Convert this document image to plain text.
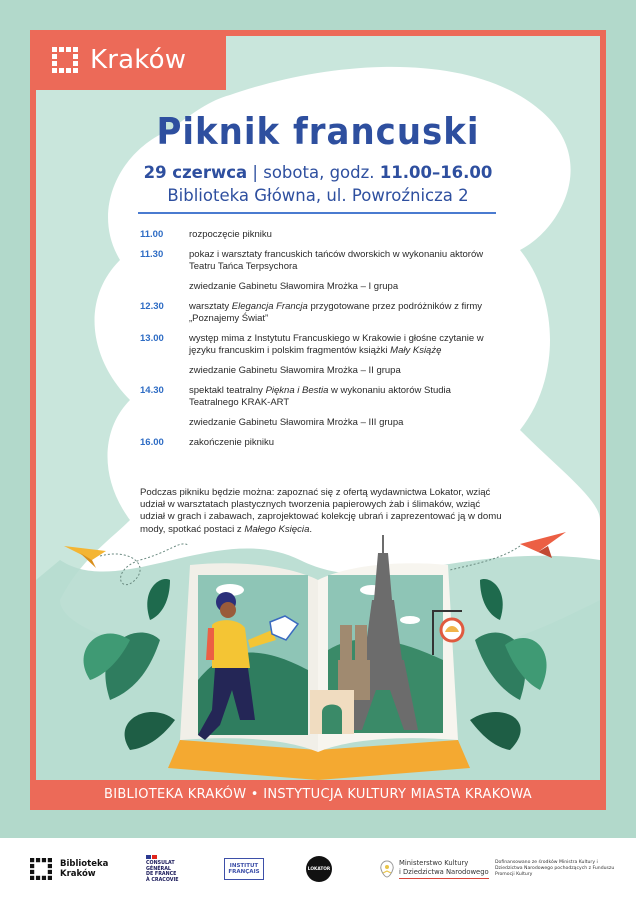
Kraków
Piknik francuski
29 czerwca | sobota, godz. 11.00–16.00
Biblioteka Główna, ul. Powroźnicza 2
11.00	rozpoczęcie pikniku
11.30	pokaz i warsztaty francuskich tańców dworskich w wykonaniu aktorów Teatru Tańca Terpsychora
zwiedzanie Gabinetu Sławomira Mrożka – I grupa
12.30	warsztaty Elegancja Francja przygotowane przez podróżników z firmy „Poznajemy Świat”
13.00	występ mima z Instytutu Francuskiego w Krakowie i głośne czytanie w języku francuskim i polskim fragmentów książki Mały Książę
zwiedzanie Gabinetu Sławomira Mrożka – II grupa
14.30	spektakl teatralny Piękna i Bestia w wykonaniu aktorów Studia Teatralnego KRAK-ART
zwiedzanie Gabinetu Sławomira Mrożka – III grupa
16.00	zakończenie pikniku
Podczas pikniku będzie można: zapoznać się z ofertą wydawnictwa Lokator, wziąć udział w warsztatach plastycznych tworzenia papierowych żab i ślimaków, wziąć udział w grach i zabawach, zaprojektować kolekcję ubrań i zaprezentować ją w domu mody, spotkać postaci z Małego Księcia.
BIBLIOTEKA KRAKÓW • INSTYTUCJA KULTURY MIASTA KRAKOWA
Biblioteka
Kraków
CONSULAT
GÉNÉRAL
DE FRANCE
À CRACOVIE
INSTITUT
FRANÇAIS	LOKATOR
Ministerstwo Kultury
i Dziedzictwa Narodowego
Dofinansowano ze środków Ministra Kultury i Dziedzictwa Narodowego pochodzących z Funduszu Promocji Kultury
